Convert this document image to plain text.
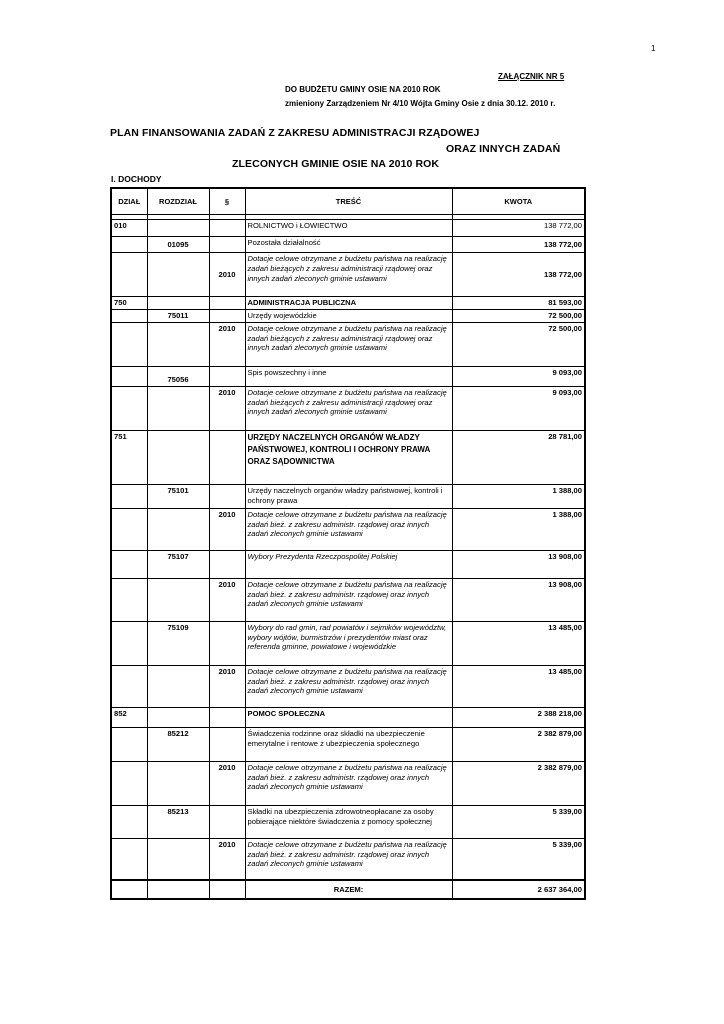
1
ZAŁĄCZNIK NR 5
DO BUDŻETU GMINY OSIE NA 2010 ROK
zmieniony Zarządzeniem Nr 4/10 Wójta Gminy Osie z dnia 30.12. 2010 r.
PLAN FINANSOWANIA ZADAŃ Z ZAKRESU ADMINISTRACJI RZĄDOWEJ
ORAZ INNYCH ZADAŃ
ZLECONYCH GMINIE OSIE NA 2010 ROK
I. DOCHODY
DZIAŁ	ROZDZIAŁ	§	TREŚĆ	KWOTA

010			ROLNICTWO i ŁOWIECTWO	138 772,00
	01095		Pozostała działalność	138 772,00
		2010	Dotacje celowe otrzymane z budżetu państwa na realizację zadań bieżących z zakresu administracji rządowej oraz innych zadań zleconych gminie ustawami	138 772,00
750			ADMINISTRACJA PUBLICZNA	81 593,00
	75011		Urzędy wojewódzkie	72 500,00
		2010	Dotacje celowe otrzymane z budżetu państwa na realizację zadań bieżących z zakresu administracji rządowej oraz innych zadań zleconych gminie ustawami	72 500,00
	75056		Spis powszechny i inne	9 093,00
		2010	Dotacje celowe otrzymane z budżetu państwa na realizację zadań bieżących z zakresu administracji rządowej oraz innych zadań zleconych gminie ustawami	9 093,00
751			URZĘDY NACZELNYCH ORGANÓW WŁADZY PAŃSTWOWEJ, KONTROLI I OCHRONY PRAWA ORAZ SĄDOWNICTWA	28 781,00
	75101		Urzędy naczelnych organów władzy państwowej, kontroli i ochrony prawa	1 388,00
		2010	Dotacje celowe otrzymane z budżetu państwa na realizację zadań bież. z zakresu administr. rządowej oraz innych zadań zleconych gminie ustawami	1 388,00
	75107		Wybory Prezydenta Rzeczpospolitej Polskiej	13 908,00
		2010	Dotacje celowe otrzymane z budżetu państwa na realizację zadań bież. z zakresu administr. rządowej oraz innych zadań zleconych gminie ustawami	13 908,00
	75109		Wybory do rad gmin, rad powiatów i sejmików województw, wybory wójtów, burmistrzów i prezydentów miast oraz referenda gminne, powiatowe i wojewódzkie	13 485,00
		2010	Dotacje celowe otrzymane z budżetu państwa na realizację zadań bież. z zakresu administr. rządowej oraz innych zadań zleconych gminie ustawami	13 485,00
852			POMOC SPOŁECZNA	2 388 218,00
	85212		Świadczenia rodzinne oraz składki na ubezpieczenie emerytalne i rentowe z ubezpieczenia społecznego	2 382 879,00
		2010	Dotacje celowe otrzymane z budżetu państwa na realizację zadań bież. z zakresu administr. rządowej oraz innych zadań zleconych gminie ustawami	2 382 879,00
	85213		Składki na ubezpieczenia zdrowotneopłacane za osoby pobierające niektóre świadczenia z pomocy społecznej	5 339,00
		2010	Dotacje celowe otrzymane z budżetu państwa na realizację zadań bież. z zakresu administr. rządowej oraz innych zadań zleconych gminie ustawami	5 339,00
			RAZEM:	2 637 364,00
